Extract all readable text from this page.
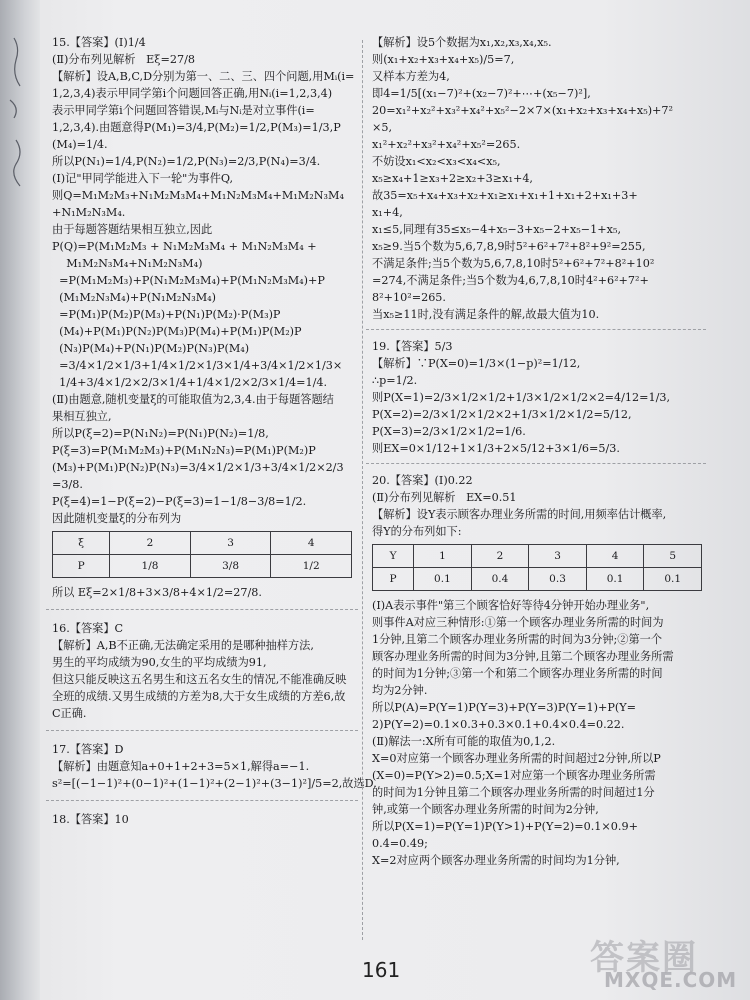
15.【答案】(Ⅰ)1/4

(Ⅱ)分布列见解析   Eξ=27/8

【解析】设A,B,C,D分别为第一、二、三、四个问题,用Mᵢ(i=

1,2,3,4)表示甲同学第i个问题回答正确,用Nᵢ(i=1,2,3,4)

表示甲同学第i个问题回答错误,Mᵢ与Nᵢ是对立事件(i=

1,2,3,4).由题意得P(M₁)=3/4,P(M₂)=1/2,P(M₃)=1/3,P

(M₄)=1/4.

所以P(N₁)=1/4,P(N₂)=1/2,P(N₃)=2/3,P(N₄)=3/4.

(Ⅰ)记"甲同学能进入下一轮"为事件Q,

则Q=M₁M₂M₃+N₁M₂M₃M₄+M₁N₂M₃M₄+M₁M₂N₃M₄

+N₁M₂N₃M₄.

由于每题答题结果相互独立,因此

P(Q)=P(M₁M₂M₃ + N₁M₂M₃M₄ + M₁N₂M₃M₄ +

M₁M₂N₃M₄+N₁M₂N₃M₄)

=P(M₁M₂M₃)+P(N₁M₂M₃M₄)+P(M₁N₂M₃M₄)+P

(M₁M₂N₃M₄)+P(N₁M₂N₃M₄)

=P(M₁)P(M₂)P(M₃)+P(N₁)P(M₂)·P(M₃)P

(M₄)+P(M₁)P(N₂)P(M₃)P(M₄)+P(M₁)P(M₂)P

(N₃)P(M₄)+P(N₁)P(M₂)P(N₃)P(M₄)

=3/4×1/2×1/3+1/4×1/2×1/3×1/4+3/4×1/2×1/3×

1/4+3/4×1/2×2/3×1/4+1/4×1/2×2/3×1/4=1/4.

(Ⅱ)由题意,随机变量ξ的可能取值为2,3,4.由于每题答题结

果相互独立,

所以P(ξ=2)=P(N₁N₂)=P(N₁)P(N₂)=1/8,

P(ξ=3)=P(M₁M₂M₃)+P(M₁N₂N₃)=P(M₁)P(M₂)P

(M₃)+P(M₁)P(N₂)P(N₃)=3/4×1/2×1/3+3/4×1/2×2/3

=3/8.

P(ξ=4)=1−P(ξ=2)−P(ξ=3)=1−1/8−3/8=1/2.

因此随机变量ξ的分布列为

ξ	2	3	4
P	1/8	3/8	1/2

所以 Eξ=2×1/8+3×3/8+4×1/2=27/8.

16.【答案】C

【解析】A,B不正确,无法确定采用的是哪种抽样方法,

男生的平均成绩为90,女生的平均成绩为91,

但这只能反映这五名男生和这五名女生的情况,不能准确反映

全班的成绩.又男生成绩的方差为8,大于女生成绩的方差6,故

C正确.

17.【答案】D

【解析】由题意知a+0+1+2+3=5×1,解得a=−1.

s²=[(−1−1)²+(0−1)²+(1−1)²+(2−1)²+(3−1)²]/5=2,故选D.

18.【答案】10

【解析】设5个数据为x₁,x₂,x₃,x₄,x₅.

则(x₁+x₂+x₃+x₄+x₅)/5=7,

又样本方差为4,

即4=1/5[(x₁−7)²+(x₂−7)²+⋯+(x₅−7)²],

20=x₁²+x₂²+x₃²+x₄²+x₅²−2×7×(x₁+x₂+x₃+x₄+x₅)+7²

×5,

x₁²+x₂²+x₃²+x₄²+x₅²=265.

不妨设x₁<x₂<x₃<x₄<x₅,

x₅≥x₄+1≥x₃+2≥x₂+3≥x₁+4,

故35=x₅+x₄+x₃+x₂+x₁≥x₁+x₁+1+x₁+2+x₁+3+

x₁+4,

x₁≤5,同理有35≤x₅−4+x₅−3+x₅−2+x₅−1+x₅,

x₅≥9.当5个数为5,6,7,8,9时5²+6²+7²+8²+9²=255,

不满足条件;当5个数为5,6,7,8,10时5²+6²+7²+8²+10²

=274,不满足条件;当5个数为4,6,7,8,10时4²+6²+7²+

8²+10²=265.

当x₅≥11时,没有满足条件的解,故最大值为10.

19.【答案】5/3

【解析】∵P(X=0)=1/3×(1−p)²=1/12,

∴p=1/2.

则P(X=1)=2/3×1/2×1/2+1/3×1/2×1/2×2=4/12=1/3,

P(X=2)=2/3×1/2×1/2×2+1/3×1/2×1/2=5/12,

P(X=3)=2/3×1/2×1/2=1/6.

则EX=0×1/12+1×1/3+2×5/12+3×1/6=5/3.

20.【答案】(Ⅰ)0.22

(Ⅱ)分布列见解析   EX=0.51

【解析】设Y表示顾客办理业务所需的时间,用频率估计概率,

得Y的分布列如下:

Y	1	2	3	4	5
P	0.1	0.4	0.3	0.1	0.1

(Ⅰ)A表示事件"第三个顾客恰好等待4分钟开始办理业务",

则事件A对应三种情形:①第一个顾客办理业务所需的时间为

1分钟,且第二个顾客办理业务所需的时间为3分钟;②第一个

顾客办理业务所需的时间为3分钟,且第二个顾客办理业务所需

的时间为1分钟;③第一个和第二个顾客办理业务所需的时间

均为2分钟.

所以P(A)=P(Y=1)P(Y=3)+P(Y=3)P(Y=1)+P(Y=

2)P(Y=2)=0.1×0.3+0.3×0.1+0.4×0.4=0.22.

(Ⅱ)解法一:X所有可能的取值为0,1,2.

X=0对应第一个顾客办理业务所需的时间超过2分钟,所以P

(X=0)=P(Y>2)=0.5;X=1对应第一个顾客办理业务所需

的时间为1分钟且第二个顾客办理业务所需的时间超过1分

钟,或第一个顾客办理业务所需的时间为2分钟,

所以P(X=1)=P(Y=1)P(Y>1)+P(Y=2)=0.1×0.9+

0.4=0.49;

X=2对应两个顾客办理业务所需的时间均为1分钟,

161	答案圈
MXQE.COM
